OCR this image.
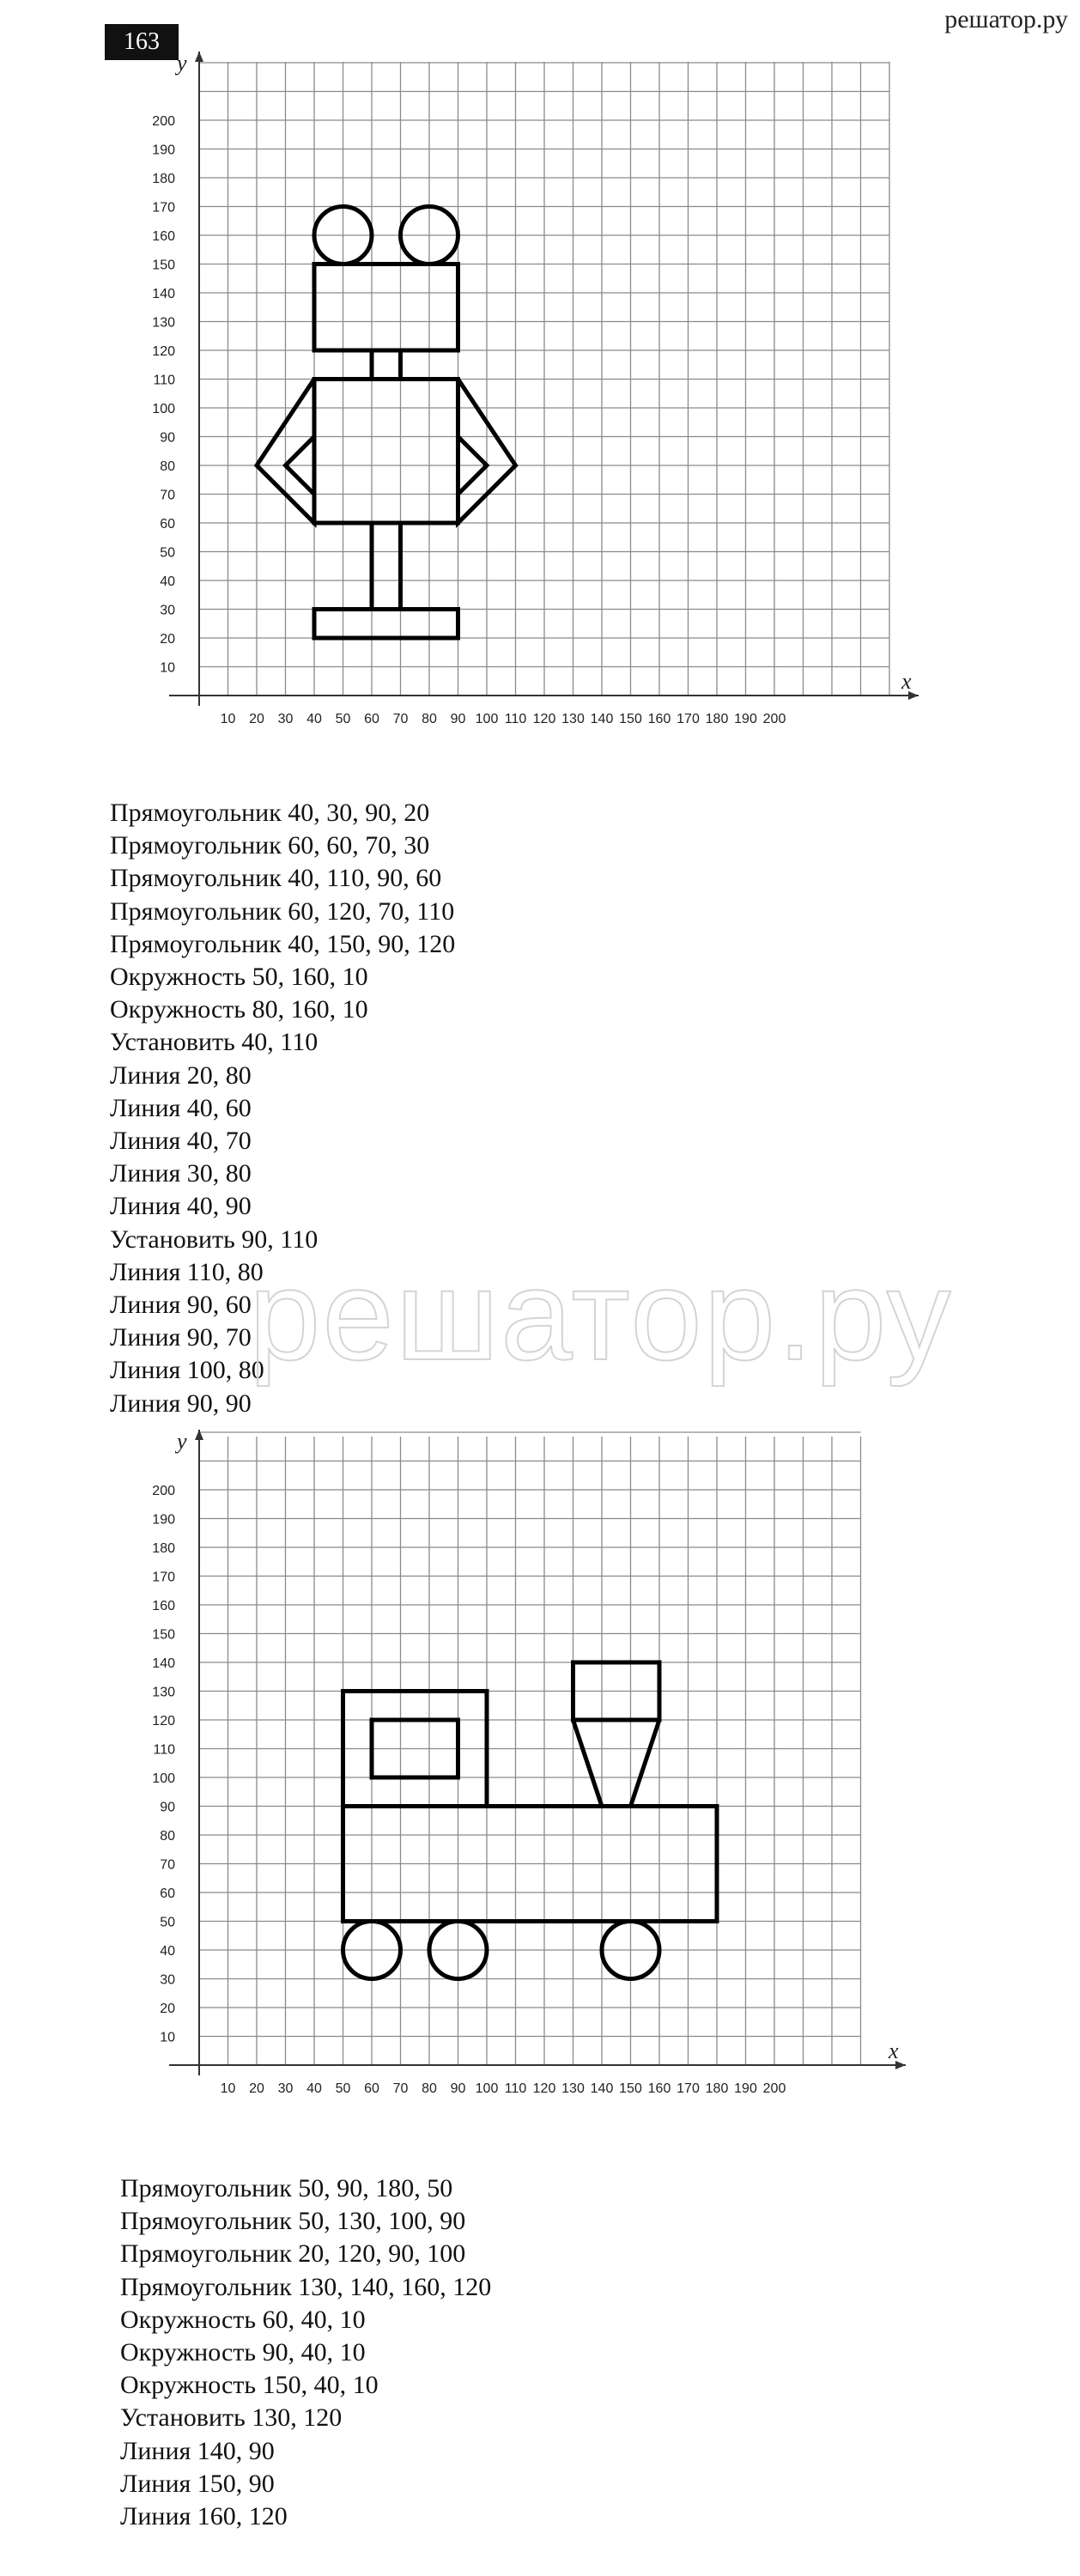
163
решатор.ру
y
x
200
190
180
170
160
150
140
130
120
110
100
90
80
70
60
50
40
30
20
10
10 20 30 40 50 60 70 80 90 100 110 120 130 140 150 160 170 180 190 200
Прямоугольник 40, 30, 90, 20
Прямоугольник 60, 60, 70, 30
Прямоугольник 40, 110, 90, 60
Прямоугольник 60, 120, 70, 110
Прямоугольник 40, 150, 90, 120
Окружность 50, 160, 10
Окружность 80, 160, 10
Установить 40, 110
Линия 20, 80
Линия 40, 60
Линия 40, 70
Линия 30, 80
Линия 40, 90
Установить 90, 110
Линия 110, 80
Линия 90, 60
Линия 90, 70
Линия 100, 80
Линия 90, 90
решатор.ру
y
x
200
190
180
170
160
150
140
130
120
110
100
90
80
70
60
50
40
30
20
10
10 20 30 40 50 60 70 80 90 100 110 120 130 140 150 160 170 180 190 200
Прямоугольник 50, 90, 180, 50
Прямоугольник 50, 130, 100, 90
Прямоугольник 20, 120, 90, 100
Прямоугольник 130, 140, 160, 120
Окружность 60, 40, 10
Окружность 90, 40, 10
Окружность 150, 40, 10
Установить 130, 120
Линия 140, 90
Линия 150, 90
Линия 160, 120
